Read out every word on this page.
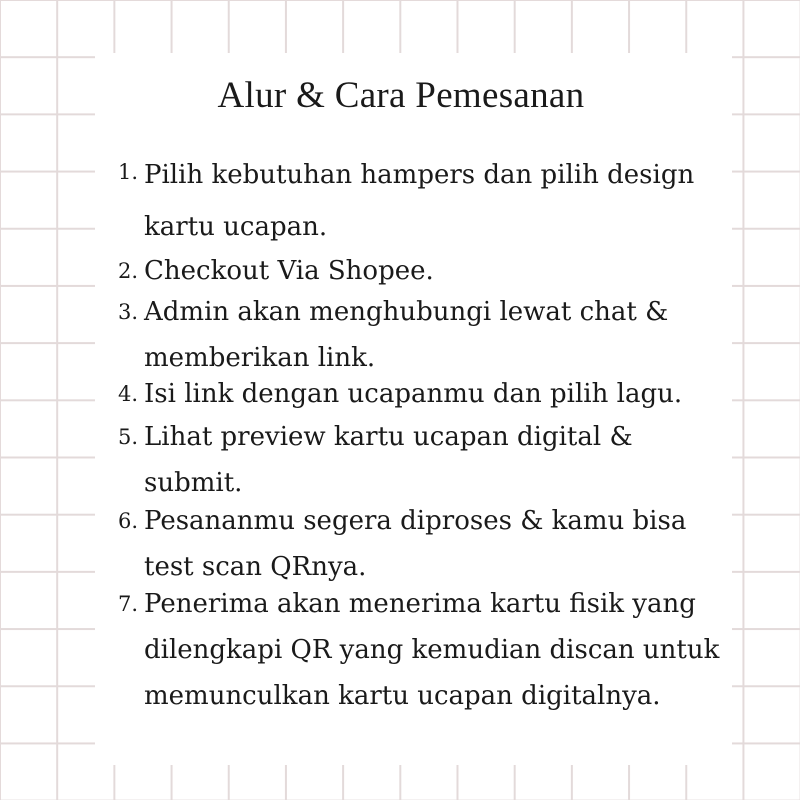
Alur & Cara Pemesanan
1. Pilih kebutuhan hampers dan pilih design kartu ucapan.
2. Checkout Via Shopee.
3. Admin akan menghubungi lewat chat & memberikan link.
4. Isi link dengan ucapanmu dan pilih lagu.
5. Lihat preview kartu ucapan digital & submit.
6. Pesananmu segera diproses & kamu bisa test scan QRnya.
7. Penerima akan menerima kartu fisik yang dilengkapi QR yang kemudian discan untuk memunculkan kartu ucapan digitalnya.
